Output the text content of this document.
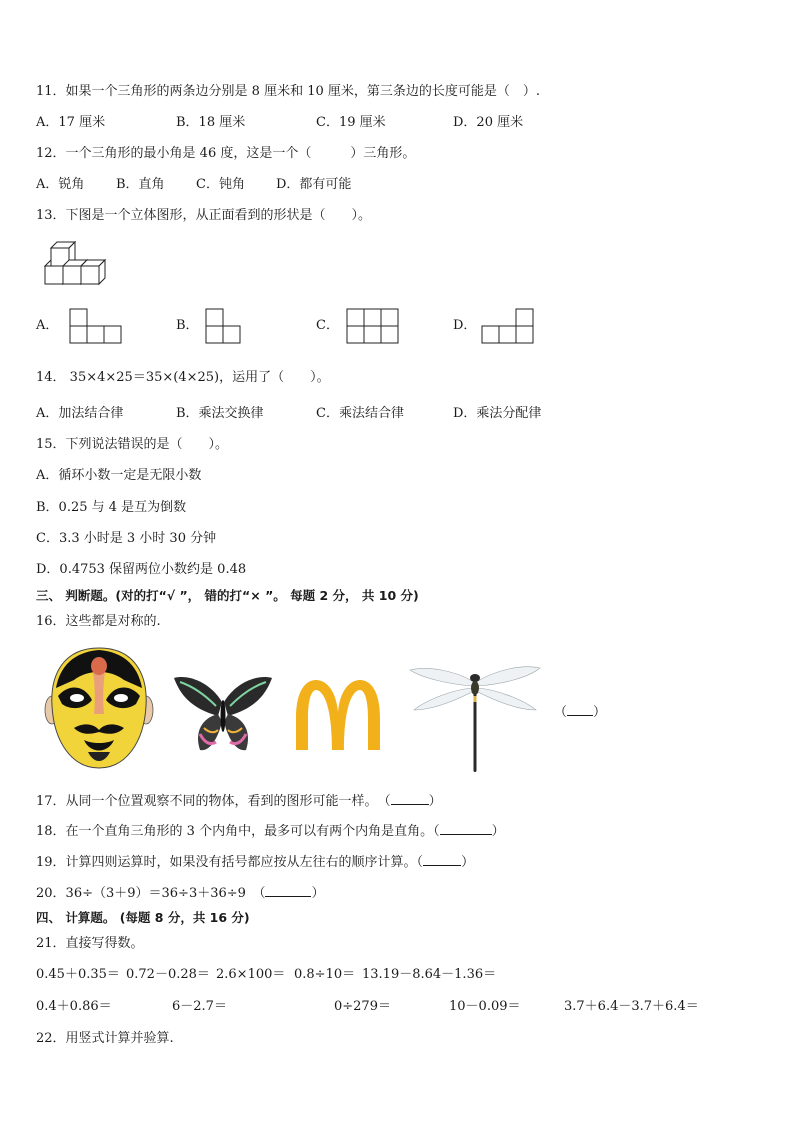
11．如果一个三角形的两条边分别是 8 厘米和 10 厘米，第三条边的长度可能是（　）.
A．17 厘米	B．18 厘米	C．19 厘米	D．20 厘米
12．一个三角形的最小角是 46 度，这是一个（　　　）三角形。
A．锐角 B．直角 C．钝角 D．都有可能
13．下图是一个立体图形，从正面看到的形状是（　　）。
A．	B．	C．	D．
14． 35×4×25＝35×(4×25)，运用了（　　）。
A．加法结合律	B．乘法交换律	C．乘法结合律	D．乘法分配律
15．下列说法错误的是（　　）。
A．循环小数一定是无限小数
B．0.25 与 4 是互为倒数
C．3.3 小时是 3 小时 30 分钟
D．0.4753 保留两位小数约是 0.48
三、 判断题。(对的打“√ ”， 错的打“× ”。 每题 2 分， 共 10 分)
16．这些都是对称的.
（ ）
17．从同一个位置观察不同的物体，看到的图形可能一样。　 （	）
18．在一个直角三角形的 3 个内角中，最多可以有两个内角是直角。（	）
19．计算四则运算时，如果没有括号都应按从左往右的顺序计算。（	）
20．36÷（3＋9）＝36÷3＋36÷9　 （	）
四、 计算题。 (每题 8 分，共 16 分)
21．直接写得数。
0.45＋0.35＝ 0.72－0.28＝ 2.6×100＝ 0.8÷10＝ 13.19－8.64－1.36＝
0.4＋0.86＝	6－2.7＝	0÷279＝	10－0.09＝	3.7＋6.4－3.7＋6.4＝
22．用竖式计算并验算.
